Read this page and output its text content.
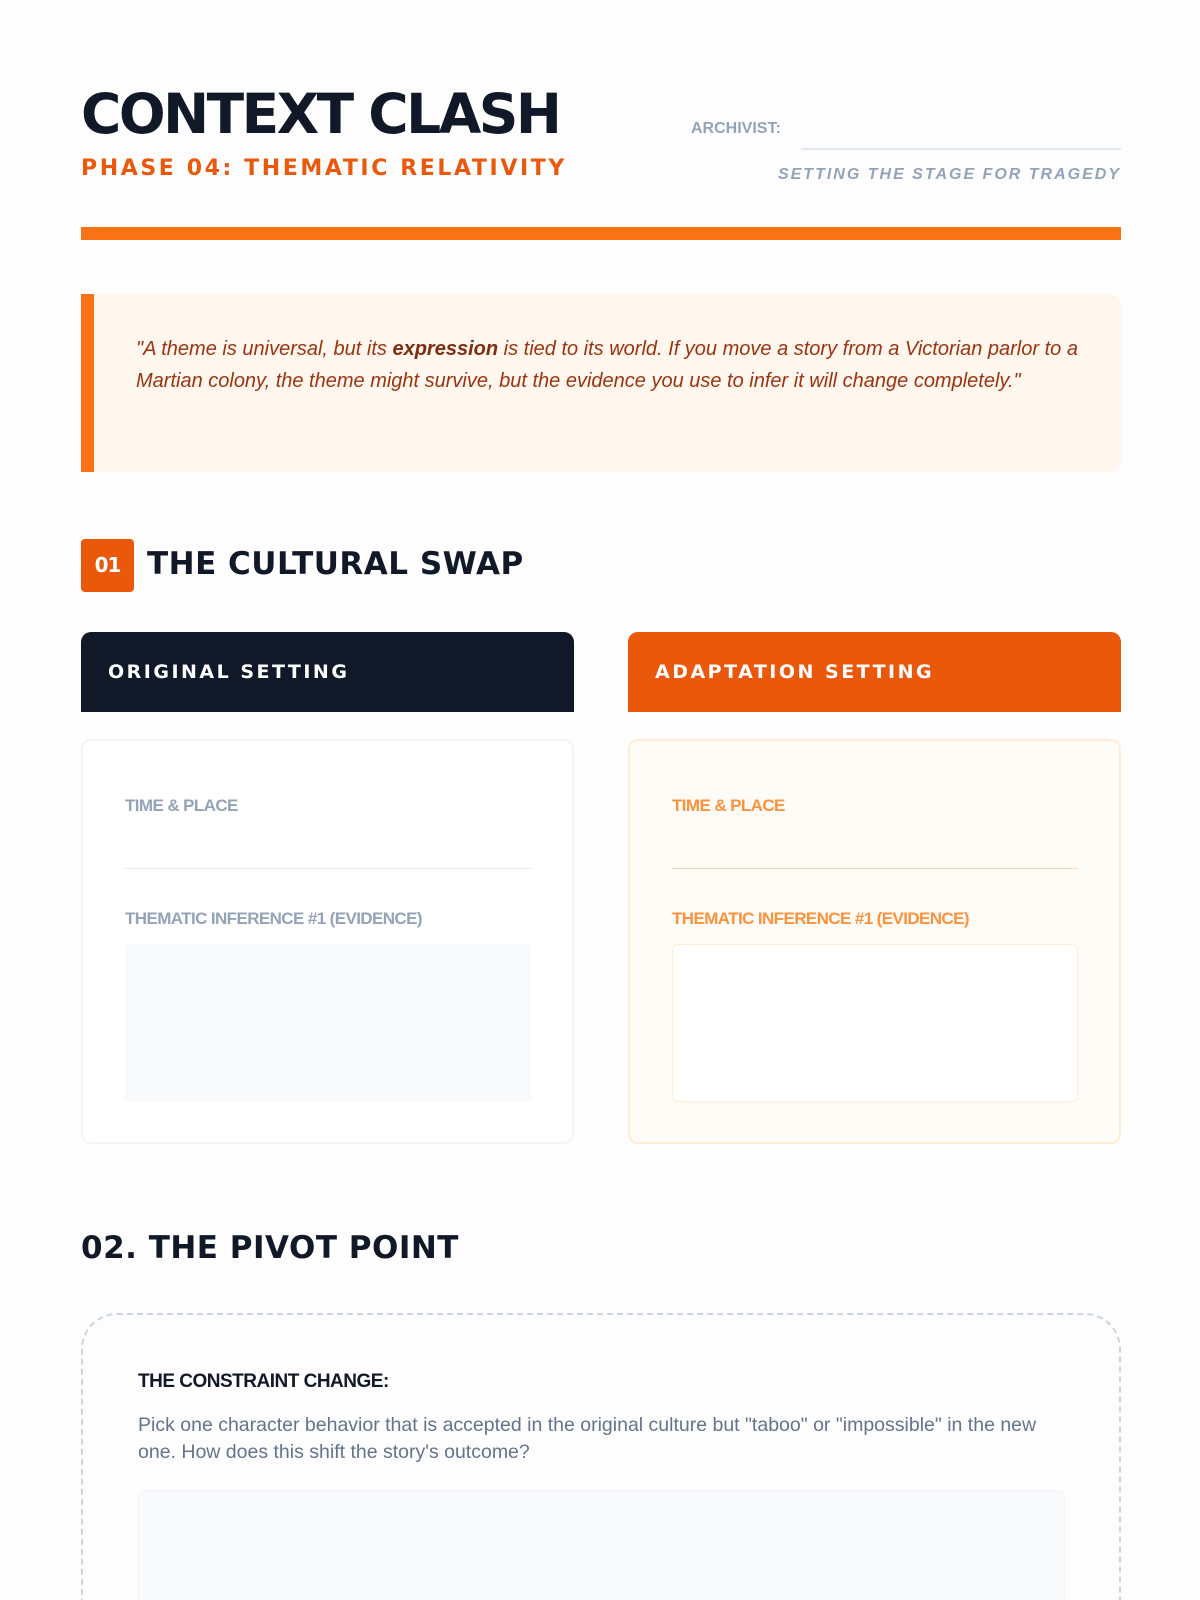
CONTEXT CLASH
PHASE 04: THEMATIC RELATIVITY
ARCHIVIST:
SETTING THE STAGE FOR TRAGEDY

"A theme is universal, but its expression is tied to its world. If you move a story from a Victorian parlor to a Martian colony, the theme might survive, but the evidence you use to infer it will change completely."

01 THE CULTURAL SWAP
ORIGINAL SETTING	ADAPTATION SETTING
TIME & PLACE
THEMATIC INFERENCE #1 (EVIDENCE)
TIME & PLACE
THEMATIC INFERENCE #1 (EVIDENCE)
02. THE PIVOT POINT
THE CONSTRAINT CHANGE:

Pick one character behavior that is accepted in the original culture but "taboo" or "impossible" in the new one. How does this shift the story's outcome?
